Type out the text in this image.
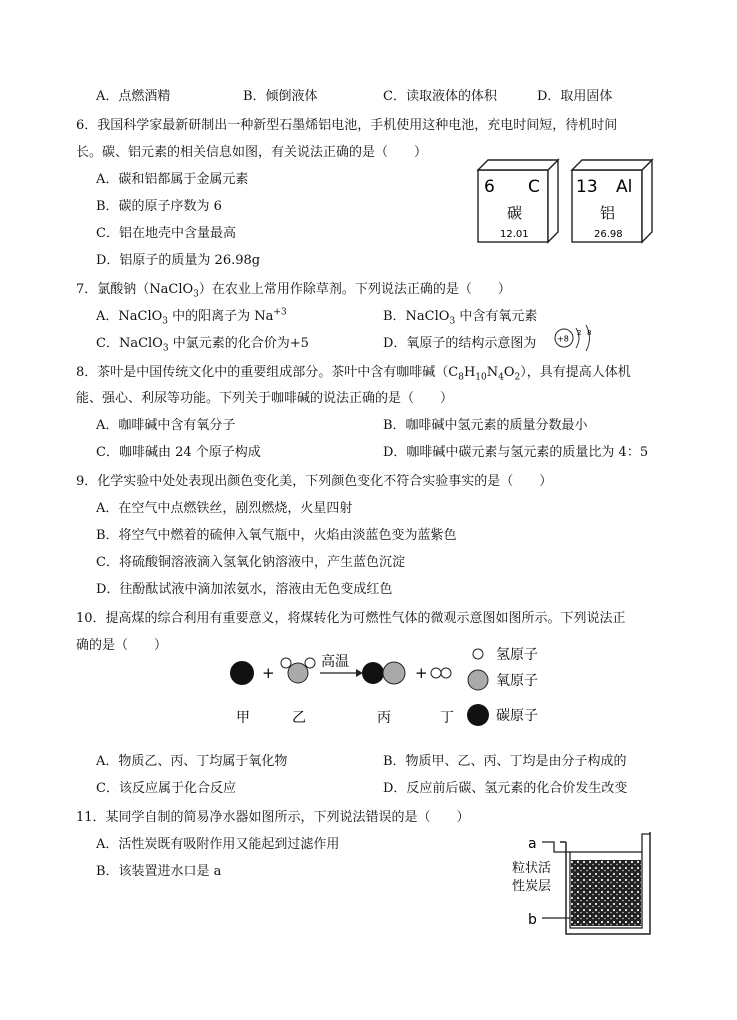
A．点燃酒精	B．倾倒液体	C．读取液体的体积	D．取用固体
6．我国科学家最新研制出一种新型石墨烯铝电池，手机使用这种电池，充电时间短，待机时间
长。碳、铝元素的相关信息如图，有关说法正确的是（　　）
A．碳和铝都属于金属元素
B．碳的原子序数为 6
C．铝在地壳中含量最高
D．铝原子的质量为 26.98g
6 C
碳
12.01
13 Al
铝
26.98
7．氯酸钠（NaClO$_3$）在农业上常用作除草剂。下列说法正确的是（　　）
A．NaClO$_3$ 中的阳离子为 $Na^{+3}$	B．NaClO$_3$ 中含有氧元素
C．NaClO$_3$ 中氯元素的化合价为+5	D．氧原子的结构示意图为	+8
2 8
8．茶叶是中国传统文化中的重要组成部分。茶叶中含有咖啡碱$(C_8H_{10}N_4O_2)$，具有提高人体机
能、强心、利尿等功能。下列关于咖啡碱的说法正确的是（　　）
A．咖啡碱中含有氧分子	B．咖啡碱中氢元素的质量分数最小
C．咖啡碱由 24 个原子构成	D．咖啡碱中碳元素与氢元素的质量比为 4：5
9．化学实验中处处表现出颜色变化美，下列颜色变化不符合实验事实的是（　　）
A．在空气中点燃铁丝，剧烈燃烧，火星四射
B．将空气中燃着的硫伸入氧气瓶中，火焰由淡蓝色变为蓝紫色
C．将硫酸铜溶液滴入氢氧化钠溶液中，产生蓝色沉淀
D．往酚酞试液中滴加浓氨水，溶液由无色变成红色
10．提高煤的综合利用有重要意义，将煤转化为可燃性气体的微观示意图如图所示。下列说法正
确的是（　　）
+
高温
+
氢原子
氧原子
碳原子
甲	乙	丙	丁
A．物质乙、丙、丁均属于氧化物	B．物质甲、乙、丙、丁均是由分子构成的
C．该反应属于化合反应	D．反应前后碳、氢元素的化合价发生改变
11．某同学自制的简易净水器如图所示，下列说法错误的是（　　）
A．活性炭既有吸附作用又能起到过滤作用
B．该装置进水口是 a
a
b
粒状活
性炭层
